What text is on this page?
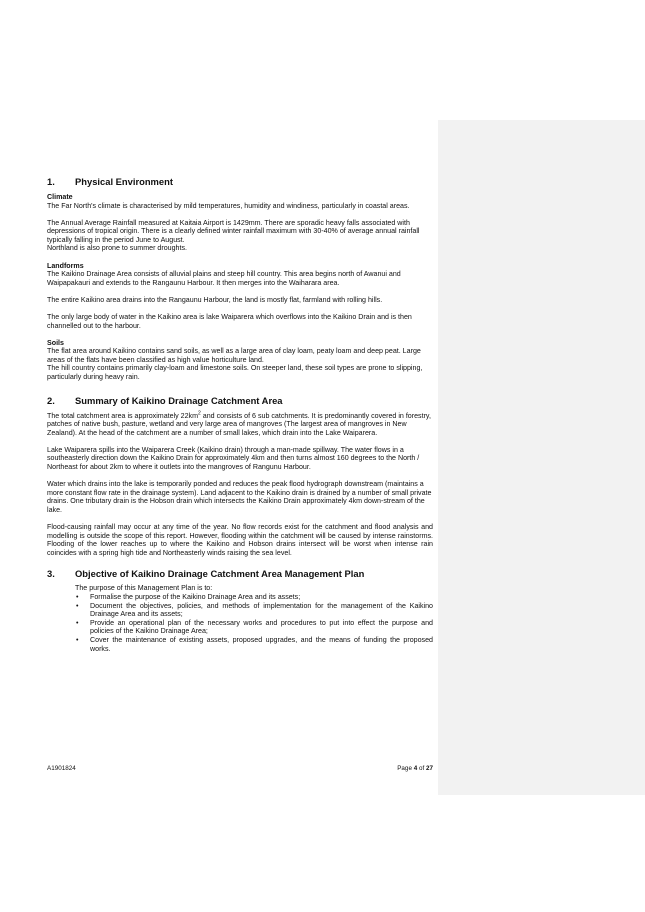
1.	Physical Environment

Climate

The Far North's climate is characterised by mild temperatures, humidity and windiness, particularly in coastal areas.

The Annual Average Rainfall measured at Kaitaia Airport is 1429mm. There are sporadic heavy falls associated with depressions of tropical origin. There is a clearly defined winter rainfall maximum with 30-40% of average annual rainfall typically falling in the period June to August.

Northland is also prone to summer droughts.

Landforms

The Kaikino Drainage Area consists of alluvial plains and steep hill country. This area begins north of Awanui and Waipapakauri and extends to the Rangaunu Harbour. It then merges into the Waiharara area.

The entire Kaikino area drains into the Rangaunu Harbour, the land is mostly flat, farmland with rolling hills.

The only large body of water in the Kaikino area is lake Waiparera which overflows into the Kaikino Drain and is then channelled out to the harbour.

Soils

The flat area around Kaikino contains sand soils, as well as a large area of clay loam, peaty loam and deep peat. Large areas of the flats have been classified as high value horticulture land.

The hill country contains primarily clay-loam and limestone soils. On steeper land, these soil types are prone to slipping, particularly during heavy rain.

2.	Summary of Kaikino Drainage Catchment Area

The total catchment area is approximately $22km^2$ and consists of 6 sub catchments. It is predominantly covered in forestry, patches of native bush, pasture, wetland and very large area of mangroves (The largest area of mangroves in New Zealand). At the head of the catchment are a number of small lakes, which drain into the Lake Waiparera.

Lake Waiparera spills into the Waiparera Creek (Kaikino drain) through a man-made spillway. The water flows in a southeasterly direction down the Kaikino Drain for approximately 4km and then turns almost 160 degrees to the North / Northeast for about 2km to where it outlets into the mangroves of Rangunu Harbour.

Water which drains into the lake is temporarily ponded and reduces the peak flood hydrograph downstream (maintains a more constant flow rate in the drainage system). Land adjacent to the Kaikino drain is drained by a number of small private drains. One tributary drain is the Hobson drain which intersects the Kaikino Drain approximately 4km down-stream of the lake.

Flood-causing rainfall may occur at any time of the year. No flow records exist for the catchment and flood analysis and modelling is outside the scope of this report. However, flooding within the catchment will be caused by intense rainstorms. Flooding of the lower reaches up to where the Kaikino and Hobson drains intersect will be worst when intense rain coincides with a spring high tide and Northeasterly winds raising the sea level.

3.	Objective of Kaikino Drainage Catchment Area Management Plan

The purpose of this Management Plan is to:

•	Formalise the purpose of the Kaikino Drainage Area and its assets;
•	Document the objectives, policies, and methods of implementation for the management of the Kaikino Drainage Area and its assets;
•	Provide an operational plan of the necessary works and procedures to put into effect the purpose and policies of the Kaikino Drainage Area;
•	Cover the maintenance of existing assets, proposed upgrades, and the means of funding the proposed works.
A1901824	Page 4 of 27
